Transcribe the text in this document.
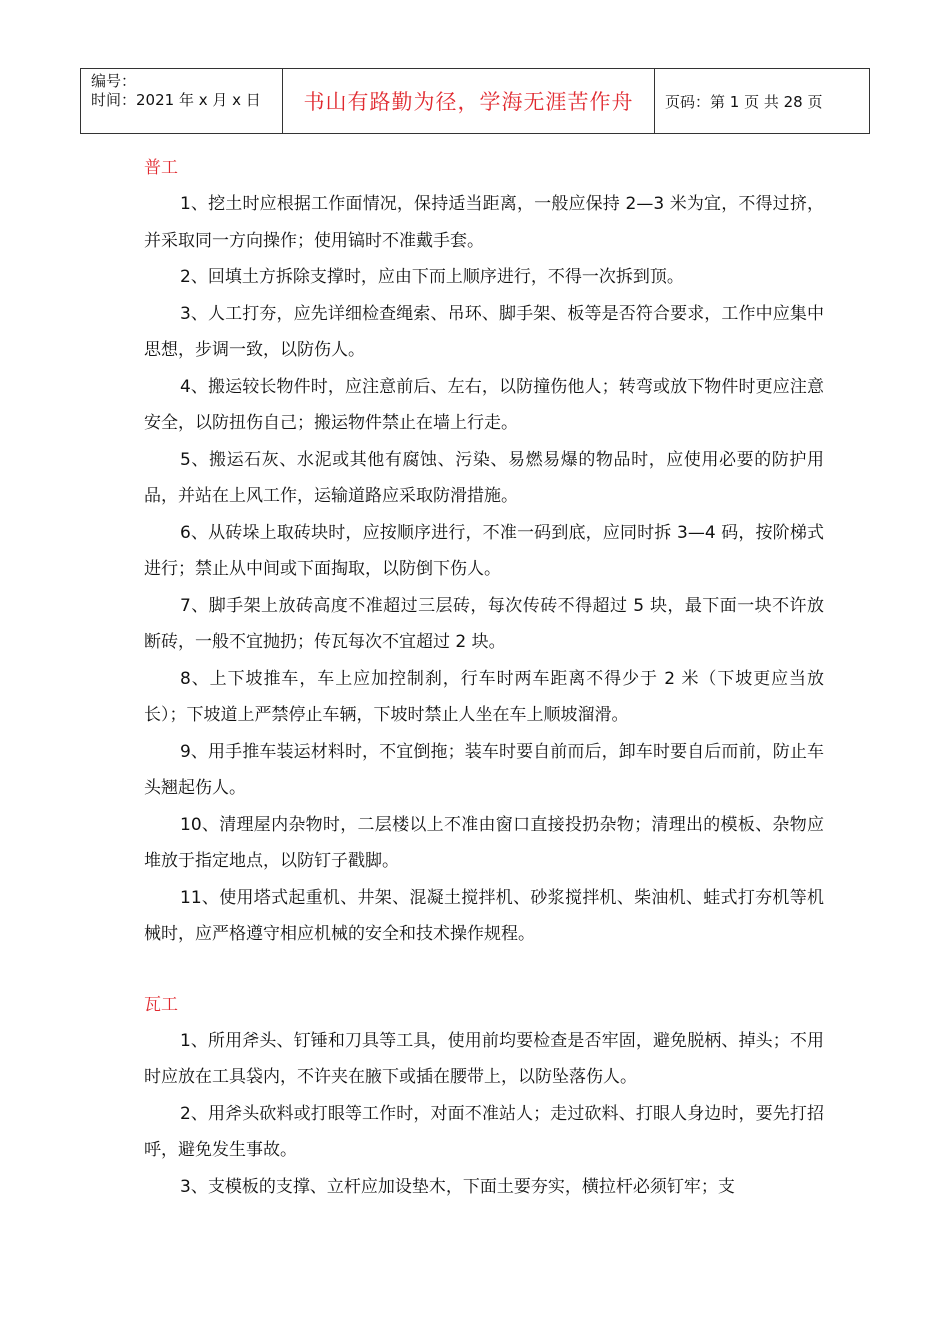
编号：
时间：2021 年 x 月 x 日	书山有路勤为径，学海无涯苦作舟	页码：第 1 页 共 28 页
普工

1、挖土时应根据工作面情况，保持适当距离，一般应保持 2—3 米为宜，不得过挤，并采取同一方向操作；使用镐时不准戴手套。

2、回填土方拆除支撑时，应由下而上顺序进行，不得一次拆到顶。

3、人工打夯，应先详细检查绳索、吊环、脚手架、板等是否符合要求，工作中应集中思想，步调一致，以防伤人。

4、搬运较长物件时，应注意前后、左右，以防撞伤他人；转弯或放下物件时更应注意安全，以防扭伤自己；搬运物件禁止在墙上行走。

5、搬运石灰、水泥或其他有腐蚀、污染、易燃易爆的物品时，应使用必要的防护用品，并站在上风工作，运输道路应采取防滑措施。

6、从砖垛上取砖块时，应按顺序进行，不准一码到底，应同时拆 3—4 码，按阶梯式进行；禁止从中间或下面掏取，以防倒下伤人。

7、脚手架上放砖高度不准超过三层砖，每次传砖不得超过 5 块，最下面一块不许放断砖，一般不宜抛扔；传瓦每次不宜超过 2 块。

8、上下坡推车，车上应加控制刹，行车时两车距离不得少于 2 米（下坡更应当放长）；下坡道上严禁停止车辆，下坡时禁止人坐在车上顺坡溜滑。

9、用手推车装运材料时，不宜倒拖；装车时要自前而后，卸车时要自后而前，防止车头翘起伤人。

10、清理屋内杂物时，二层楼以上不准由窗口直接投扔杂物；清理出的模板、杂物应堆放于指定地点，以防钉子戳脚。

11、使用塔式起重机、井架、混凝土搅拌机、砂浆搅拌机、柴油机、蛙式打夯机等机械时，应严格遵守相应机械的安全和技术操作规程。

瓦工

1、所用斧头、钉锤和刀具等工具，使用前均要检查是否牢固，避免脱柄、掉头；不用时应放在工具袋内，不许夹在腋下或插在腰带上，以防坠落伤人。

2、用斧头砍料或打眼等工作时，对面不准站人；走过砍料、打眼人身边时，要先打招呼，避免发生事故。

3、支模板的支撑、立杆应加设垫木，下面土要夯实，横拉杆必须钉牢；支
